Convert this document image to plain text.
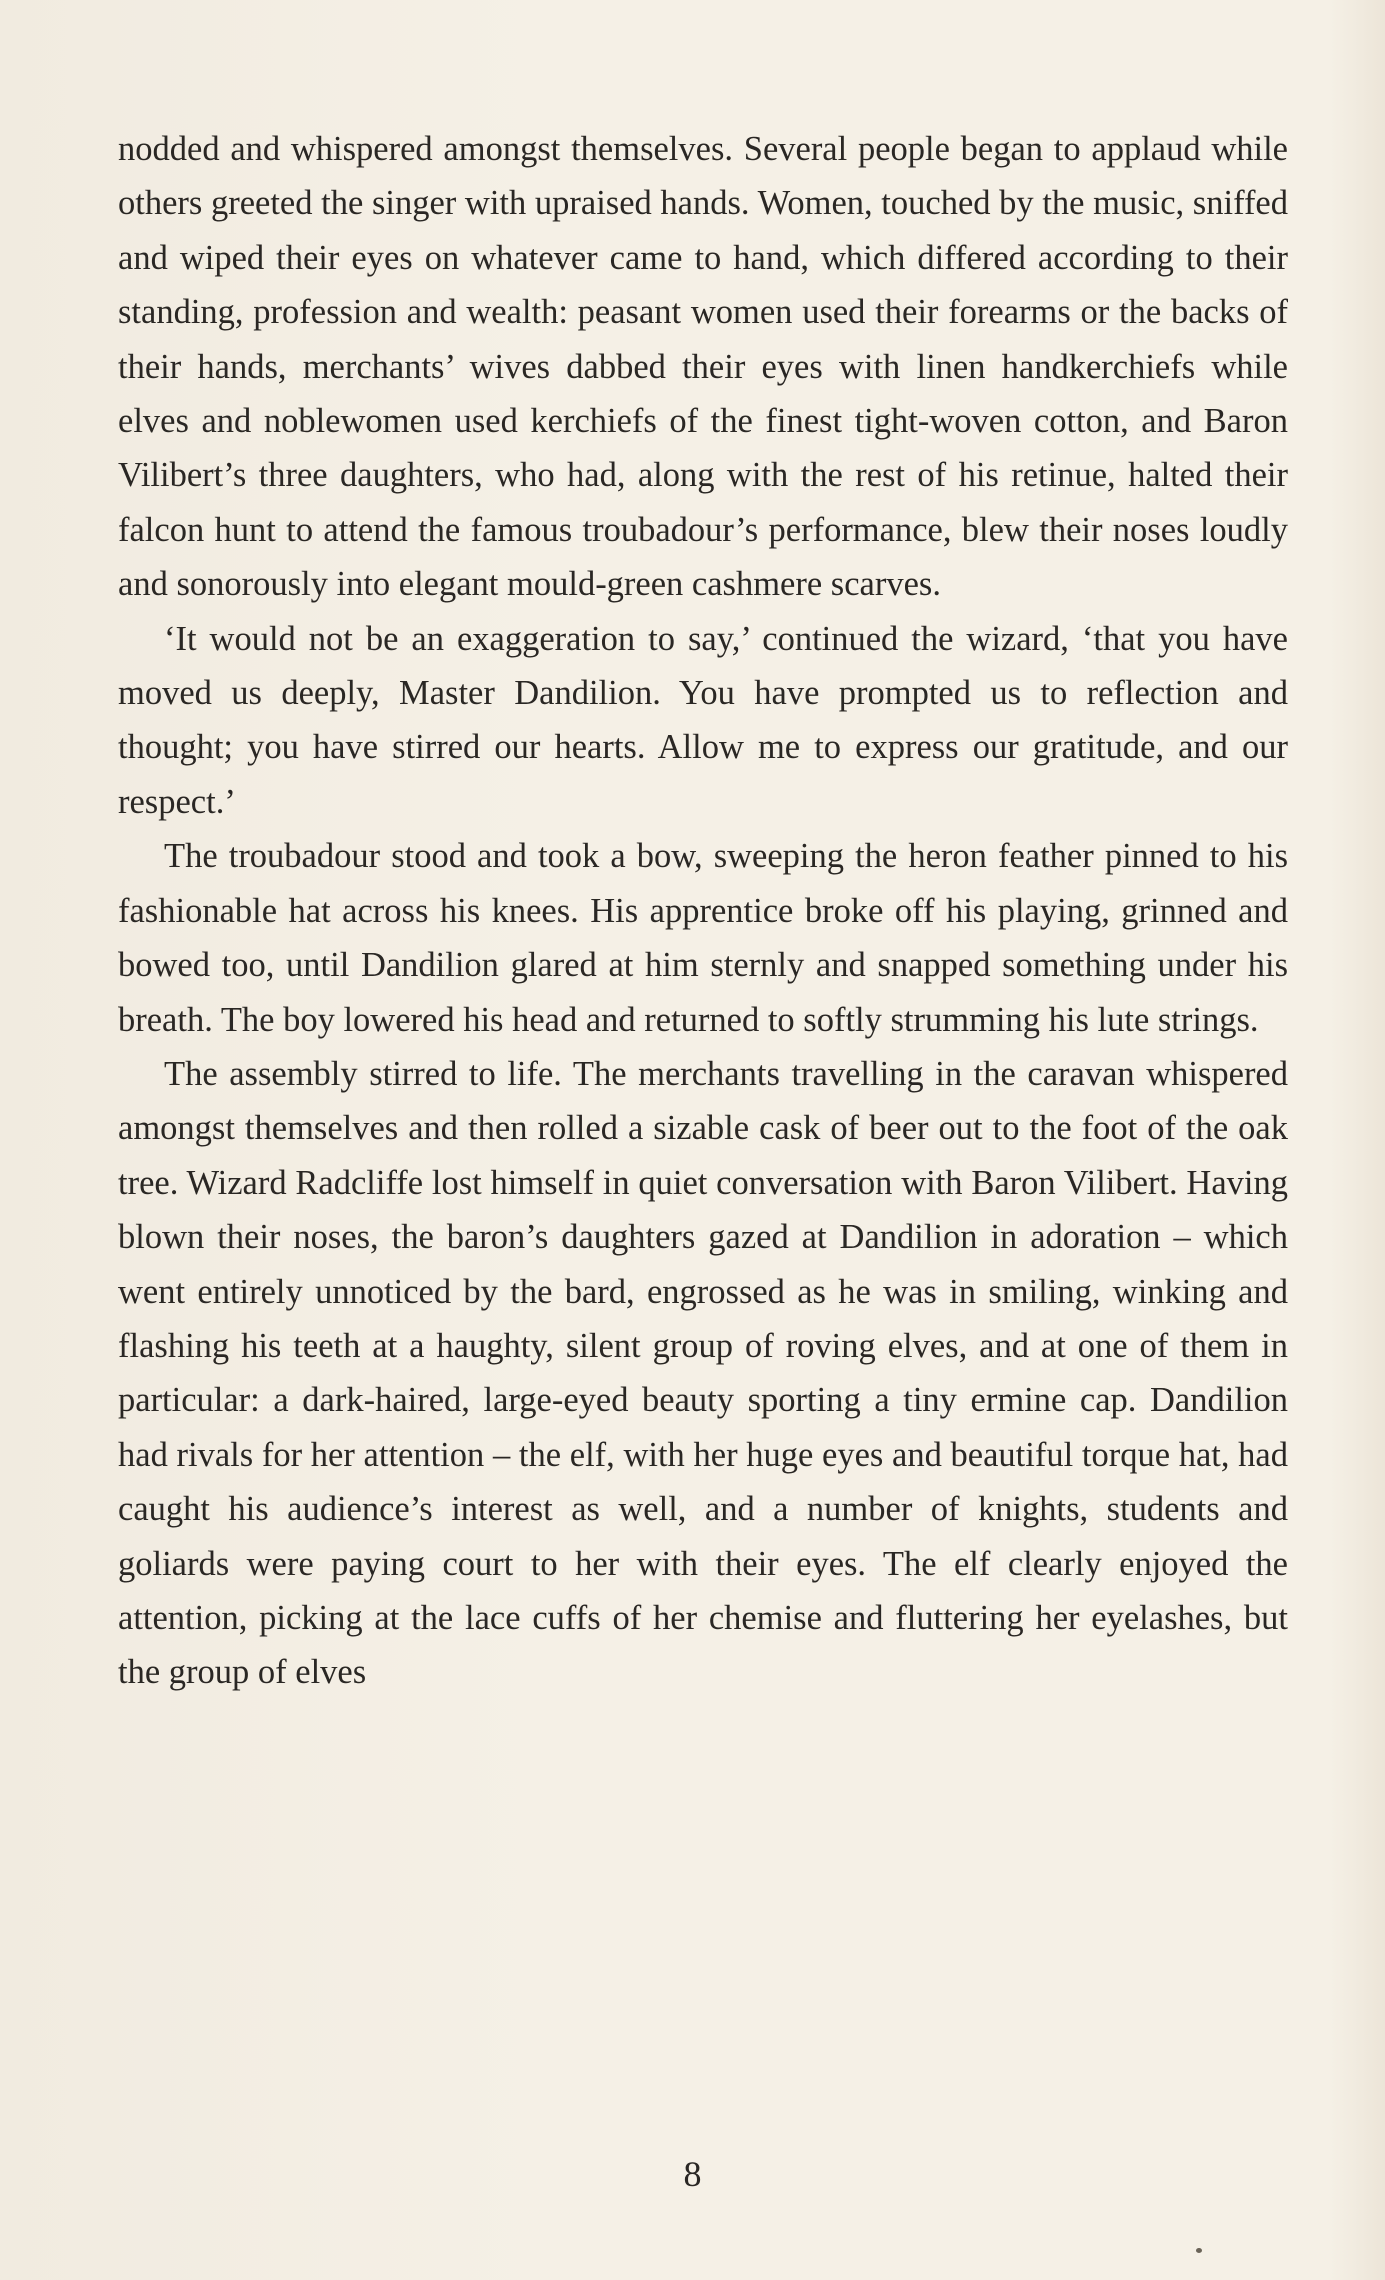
nodded and whispered amongst themselves. Several people began to applaud while others greeted the singer with upraised hands. Women, touched by the music, sniffed and wiped their eyes on whatever came to hand, which differed according to their standing, profession and wealth: peasant women used their forearms or the backs of their hands, merchants’ wives dabbed their eyes with linen handkerchiefs while elves and noblewomen used kerchiefs of the finest tight-woven cotton, and Baron Vilibert’s three daughters, who had, along with the rest of his retinue, halted their falcon hunt to attend the famous troubadour’s performance, blew their noses loudly and sonorously into elegant mould-green cashmere scarves.

‘It would not be an exaggeration to say,’ continued the wizard, ‘that you have moved us deeply, Master Dandilion. You have prompted us to reflection and thought; you have stirred our hearts. Allow me to express our gratitude, and our respect.’

The troubadour stood and took a bow, sweeping the heron feather pinned to his fashionable hat across his knees. His apprentice broke off his playing, grinned and bowed too, until Dandilion glared at him sternly and snapped something under his breath. The boy lowered his head and returned to softly strumming his lute strings.

The assembly stirred to life. The merchants travelling in the caravan whispered amongst themselves and then rolled a sizable cask of beer out to the foot of the oak tree. Wizard Radcliffe lost himself in quiet conversation with Baron Vilibert. Having blown their noses, the baron’s daughters gazed at Dandilion in adoration – which went entirely unnoticed by the bard, engrossed as he was in smiling, winking and flashing his teeth at a haughty, silent group of roving elves, and at one of them in particular: a dark-haired, large-eyed beauty sporting a tiny ermine cap. Dandilion had rivals for her attention – the elf, with her huge eyes and beautiful torque hat, had caught his audience’s interest as well, and a number of knights, students and goliards were paying court to her with their eyes. The elf clearly enjoyed the attention, picking at the lace cuffs of her chemise and fluttering her eyelashes, but the group of elves

8
